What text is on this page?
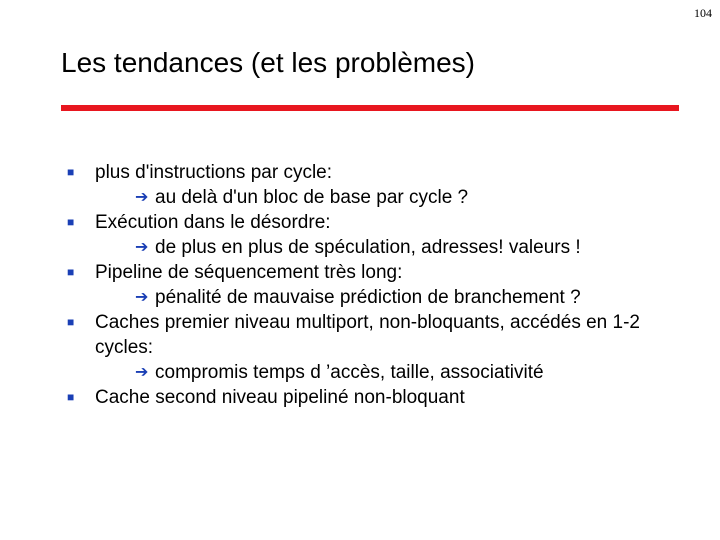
104
Les tendances (et les problèmes)
■	plus d'instructions par cycle:
➔ au delà d'un bloc de base par cycle ?
■	Exécution dans le désordre:
➔ de plus en plus de spéculation, adresses! valeurs !
■	Pipeline de séquencement très long:
➔ pénalité de mauvaise prédiction de branchement ?
■	Caches premier niveau multiport, non-bloquants, accédés en 1-2 cycles:
➔ compromis temps d ’accès, taille, associativité
■	Cache second niveau pipeliné non-bloquant
